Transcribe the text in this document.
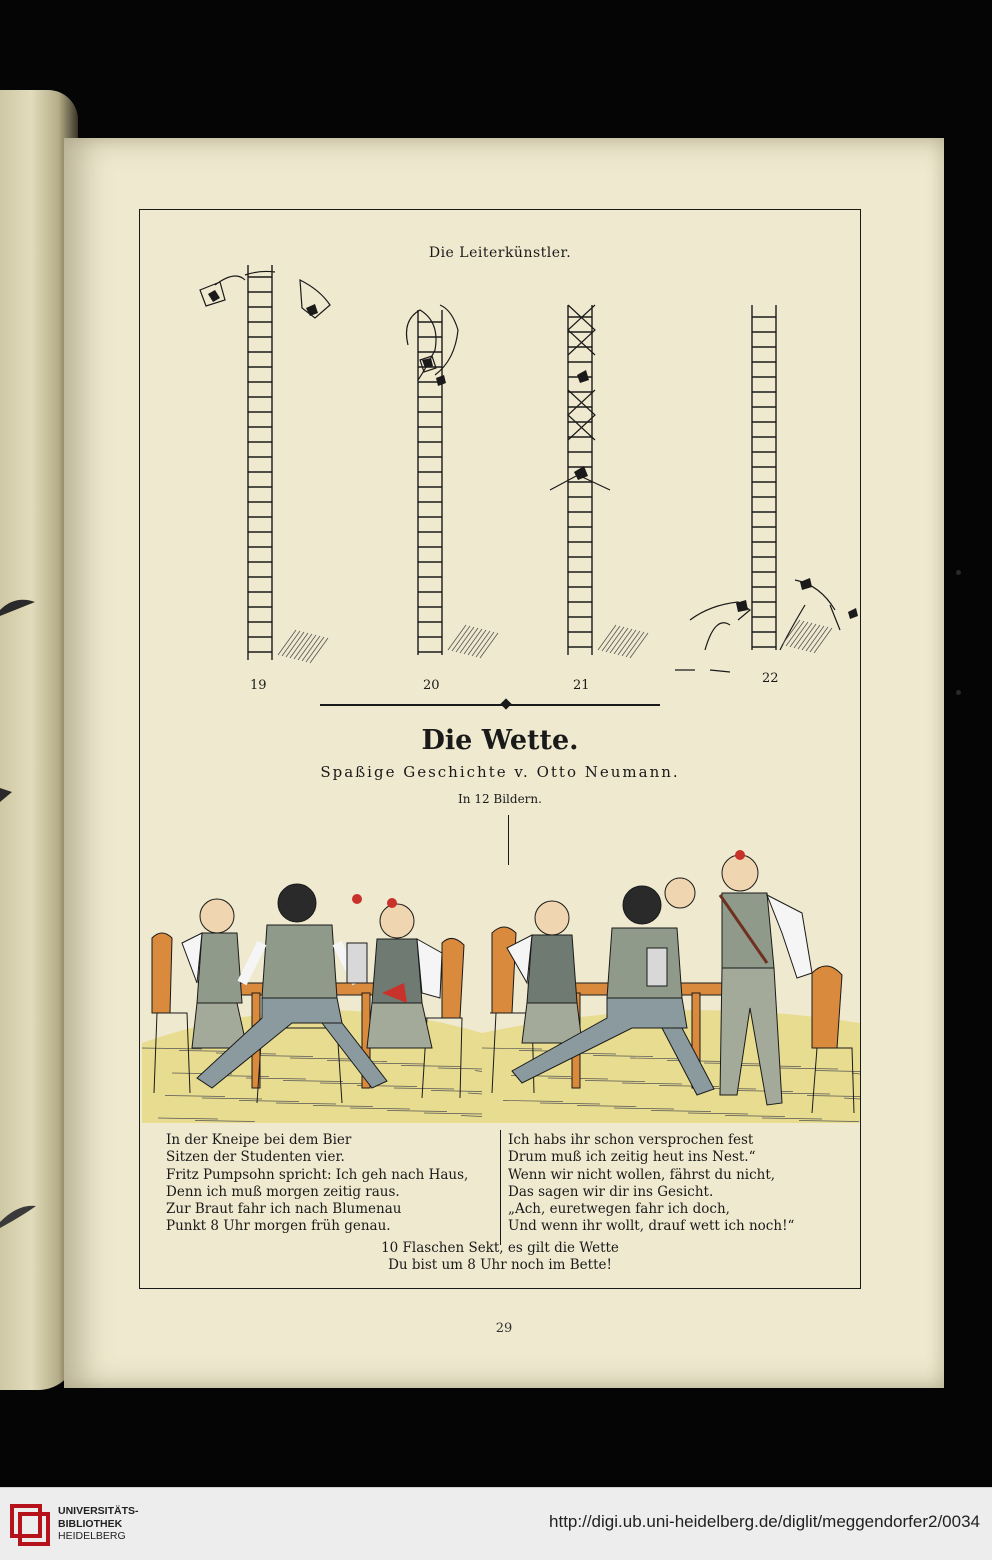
Die Leiterkünstler.
19	20	21	22
Die Wette.
Spaßige Geschichte v. Otto Neumann.
In 12 Bildern.
In der Kneipe bei dem Bier
Sitzen der Studenten vier.
Fritz Pumpsohn spricht: Ich geh nach Haus,
Denn ich muß morgen zeitig raus.
Zur Braut fahr ich nach Blumenau
Punkt 8 Uhr morgen früh genau.
Ich habs ihr schon versprochen fest
Drum muß ich zeitig heut ins Nest.“
Wenn wir nicht wollen, fährst du nicht,
Das sagen wir dir ins Gesicht.
„Ach, euretwegen fahr ich doch,
Und wenn ihr wollt, drauf wett ich noch!“
10 Flaschen Sekt, es gilt die Wette
Du bist um 8 Uhr noch im Bette!
29
UNIVERSITÄTS-
BIBLIOTHEK
HEIDELBERG
http://digi.ub.uni-heidelberg.de/diglit/meggendorfer2/0034
